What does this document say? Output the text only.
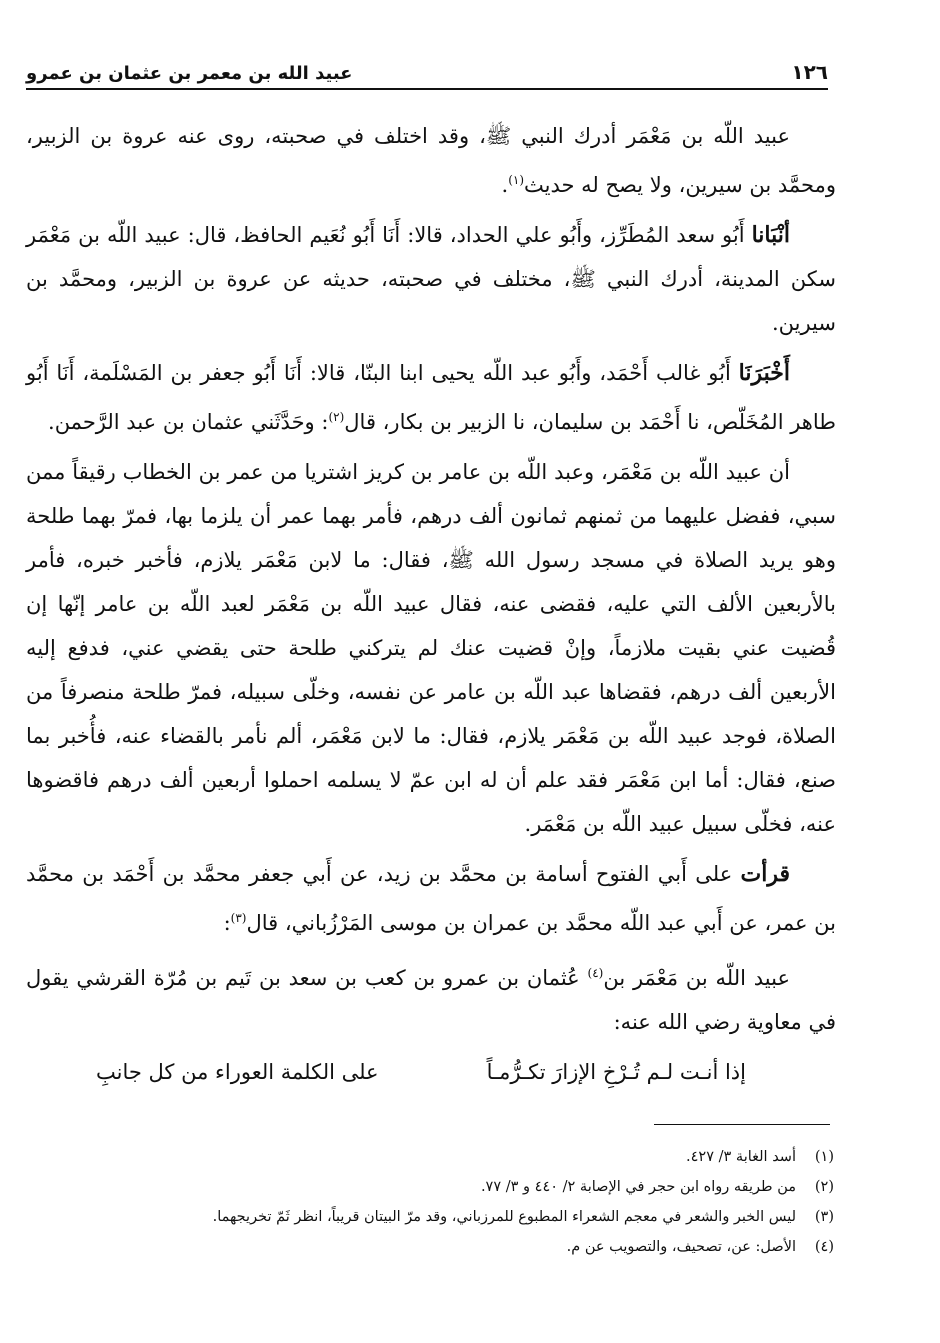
١٢٦
عبيد الله بن معمر بن عثمان بن عمرو

عبيد اللّه بن مَعْمَر أدرك النبي ﷺ، وقد اختلف في صحبته، روى عنه عروة بن الزبير، ومحمَّد بن سيرين، ولا يصح له حديث$^{(١)}$.

أنْبَانا أَبُو سعد المُطَرِّز، وأَبُو علي الحداد، قالا: أَنَا أَبُو نُعَيم الحافظ، قال: عبيد اللّه بن مَعْمَر سكن المدينة، أدرك النبي ﷺ، مختلف في صحبته، حديثه عن عروة بن الزبير، ومحمَّد بن سيرين.

أَخْبَرَنَا أَبُو غالب أَحْمَد، وأَبُو عبد اللّه يحيى ابنا البنّا، قالا: أَنَا أَبُو جعفر بن المَسْلَمة، أَنَا أَبُو طاهر المُخَلّص، نا أَحْمَد بن سليمان، نا الزبير بن بكار، قال$^{(٢)}$: وحَدَّثَني عثمان بن عبد الرَّحمن.

أن عبيد اللّه بن مَعْمَر، وعبد اللّه بن عامر بن كريز اشتريا من عمر بن الخطاب رقيقاً ممن سبي، ففضل عليهما من ثمنهم ثمانون ألف درهم، فأمر بهما عمر أن يلزما بها، فمرّ بهما طلحة وهو يريد الصلاة في مسجد رسول الله ﷺ، فقال: ما لابن مَعْمَر يلازم، فأخبر خبره، فأمر بالأربعين الألف التي عليه، فقضى عنه، فقال عبيد اللّه بن مَعْمَر لعبد اللّه بن عامر إنّها إن قُضيت عني بقيت ملازماً، وإنْ قضيت عنك لم يتركني طلحة حتى يقضي عني، فدفع إليه الأربعين ألف درهم، فقضاها عبد اللّه بن عامر عن نفسه، وخلّى سبيله، فمرّ طلحة منصرفاً من الصلاة، فوجد عبيد اللّه بن مَعْمَر يلازم، فقال: ما لابن مَعْمَر، ألم نأمر بالقضاء عنه، فأُخبر بما صنع، فقال: أما ابن مَعْمَر فقد علم أن له ابن عمّ لا يسلمه احملوا أربعين ألف درهم فاقضوها عنه، فخلّى سبيل عبيد اللّه بن مَعْمَر.

قرأت على أَبي الفتوح أسامة بن محمَّد بن زيد، عن أَبي جعفر محمَّد بن أَحْمَد بن محمَّد بن عمر، عن أَبي عبد اللّه محمَّد بن عمران بن موسى المَرْزُباني، قال$^{(٣)}$:

عبيد اللّه بن مَعْمَر بن$^{(٤)}$ عُثمان بن عمرو بن كعب بن سعد بن تَيم بن مُرّة القرشي يقول في معاوية رضي الله عنه:

إذا أنـت لـم تُـرْخِ الإزارَ تكـرُّمـاً
على الكلمة العوراء من كل جانبِ

(١)أسد الغابة ٣/ ٤٢٧.

(٢)من طريقه رواه ابن حجر في الإصابة ٢/ ٤٤٠ و ٣/ ٧٧.

(٣)ليس الخبر والشعر في معجم الشعراء المطبوع للمرزباني، وقد مرّ البيتان قريباً، انظر ثَمّ تخريجهما.

(٤)الأصل: عن، تصحيف، والتصويب عن م.
